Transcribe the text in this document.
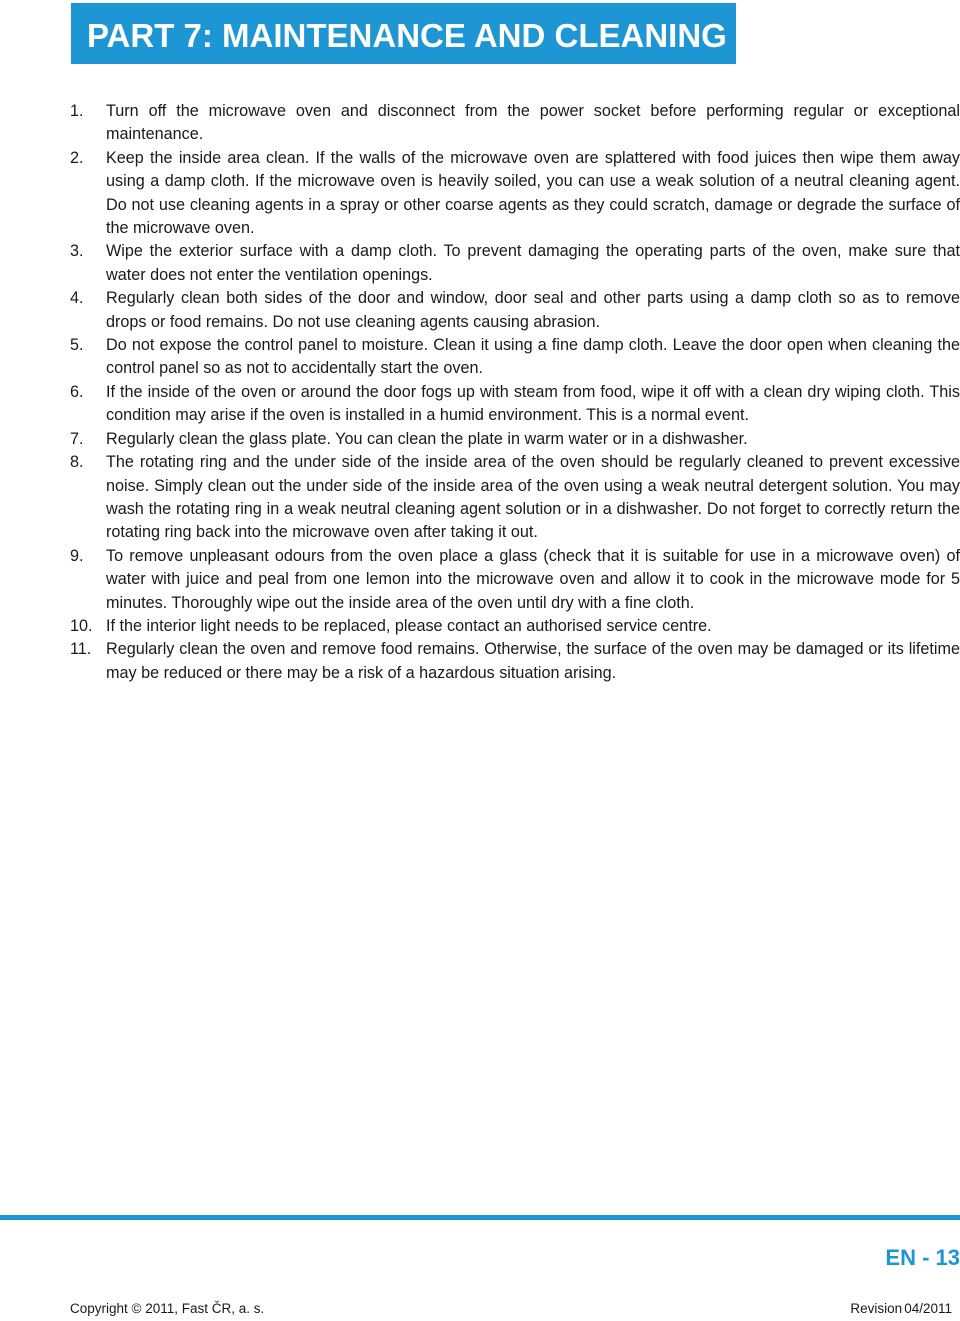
PART 7: MAINTENANCE AND CLEANING
1. Turn off the microwave oven and disconnect from the power socket before performing regular or exceptional maintenance.
2. Keep the inside area clean. If the walls of the microwave oven are splattered with food juices then wipe them away using a damp cloth. If the microwave oven is heavily soiled, you can use a weak solution of a neutral cleaning agent. Do not use cleaning agents in a spray or other coarse agents as they could scratch, damage or degrade the surface of the microwave oven.
3. Wipe the exterior surface with a damp cloth. To prevent damaging the operating parts of the oven, make sure that water does not enter the ventilation openings.
4. Regularly clean both sides of the door and window, door seal and other parts using a damp cloth so as to remove drops or food remains. Do not use cleaning agents causing abrasion.
5. Do not expose the control panel to moisture. Clean it using a fine damp cloth. Leave the door open when cleaning the control panel so as not to accidentally start the oven.
6. If the inside of the oven or around the door fogs up with steam from food, wipe it off with a clean dry wiping cloth. This condition may arise if the oven is installed in a humid environment. This is a normal event.
7. Regularly clean the glass plate. You can clean the plate in warm water or in a dishwasher.
8. The rotating ring and the under side of the inside area of the oven should be regularly cleaned to prevent excessive noise. Simply clean out the under side of the inside area of the oven using a weak neutral detergent solution. You may wash the rotating ring in a weak neutral cleaning agent solution or in a dishwasher. Do not forget to correctly return the rotating ring back into the microwave oven after taking it out.
9. To remove unpleasant odours from the oven place a glass (check that it is suitable for use in a microwave oven) of water with juice and peal from one lemon into the microwave oven and allow it to cook in the microwave mode for 5 minutes. Thoroughly wipe out the inside area of the oven until dry with a fine cloth.
10. If the interior light needs to be replaced, please contact an authorised service centre.
11. Regularly clean the oven and remove food remains. Otherwise, the surface of the oven may be damaged or its lifetime may be reduced or there may be a risk of a hazardous situation arising.
EN - 13
Copyright © 2011, Fast ČR, a. s.	Revision 04/2011
